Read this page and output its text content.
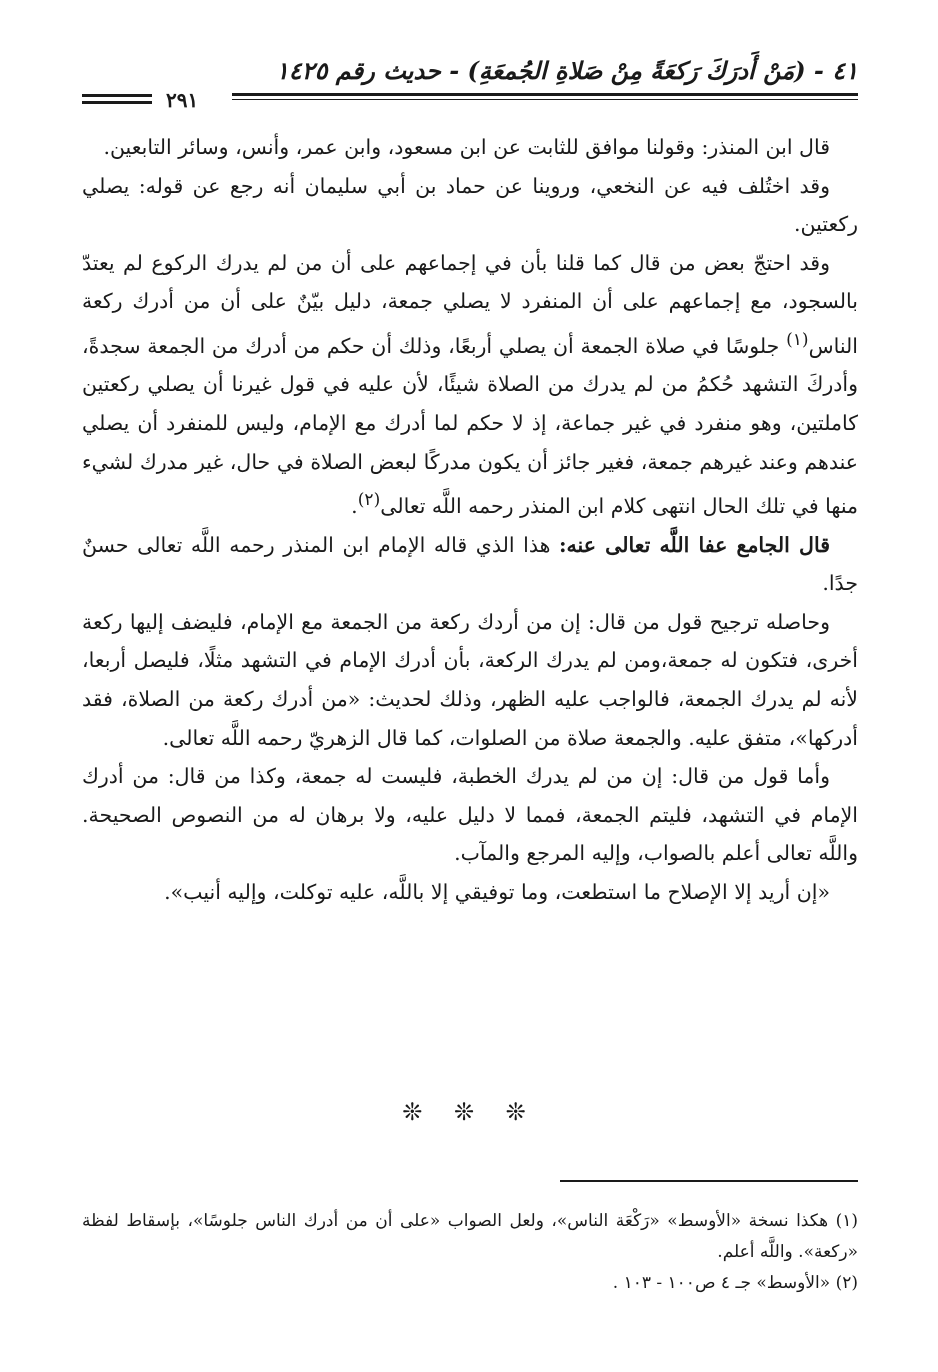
٤١ - (مَنْ أَدرَكَ رَكعَةً مِنْ صَلاةِ الجُمعَةِ) - حديث رقم ١٤٢٥
٢٩١

قال ابن المنذر: وقولنا موافق للثابت عن ابن مسعود، وابن عمر، وأنس، وسائر التابعين.

وقد اختُلف فيه عن النخعي، وروينا عن حماد بن أبي سليمان أنه رجع عن قوله: يصلي ركعتين.

وقد احتجّ بعض من قال كما قلنا بأن في إجماعهم على أن من لم يدرك الركوع لم يعتدّ بالسجود، مع إجماعهم على أن المنفرد لا يصلي جمعة، دليل بيّنٌ على أن من أدرك ركعة الناس$^{(١)}$ جلوسًا في صلاة الجمعة أن يصلي أربعًا، وذلك أن حكم من أدرك من الجمعة سجدةً، وأدركَ التشهد حُكمُ من لم يدرك من الصلاة شيئًا، لأن عليه في قول غيرنا أن يصلي ركعتين كاملتين، وهو منفرد في غير جماعة، إذ لا حكم لما أدرك مع الإمام، وليس للمنفرد أن يصلي عندهم وعند غيرهم جمعة، فغير جائز أن يكون مدركًا لبعض الصلاة في حال، غير مدرك لشيء منها في تلك الحال انتهى كلام ابن المنذر رحمه اللَّه تعالى$^{(٢)}$.

قال الجامع عفا اللَّه تعالى عنه: هذا الذي قاله الإمام ابن المنذر رحمه اللَّه تعالى حسنٌ جدًا.

وحاصله ترجيح قول من قال: إن من أردك ركعة من الجمعة مع الإمام، فليضف إليها ركعة أخرى، فتكون له جمعة،ومن لم يدرك الركعة، بأن أدرك الإمام في التشهد مثلًا، فليصل أربعا، لأنه لم يدرك الجمعة، فالواجب عليه الظهر، وذلك لحديث: «من أدرك ركعة من الصلاة، فقد أدركها»، متفق عليه. والجمعة صلاة من الصلوات، كما قال الزهريّ رحمه اللَّه تعالى.

وأما قول من قال: إن من لم يدرك الخطبة، فليست له جمعة، وكذا من قال: من أدرك الإمام في التشهد، فليتم الجمعة، فمما لا دليل عليه، ولا برهان له من النصوص الصحيحة. واللَّه تعالى أعلم بالصواب، وإليه المرجع والمآب.

«إن أريد إلا الإصلاح ما استطعت، وما توفيقي إلا باللَّه، عليه توكلت، وإليه أنيب».

❊ ❊ ❊

(١) هكذا نسخة «الأوسط» «رَكْعَة الناس»، ولعل الصواب «على أن من أدرك الناس جلوسًا»، بإسقاط لفظة «ركعة». واللَّه أعلم.

(٢) «الأوسط» جـ ٤ ص١٠٠ - ١٠٣ .
